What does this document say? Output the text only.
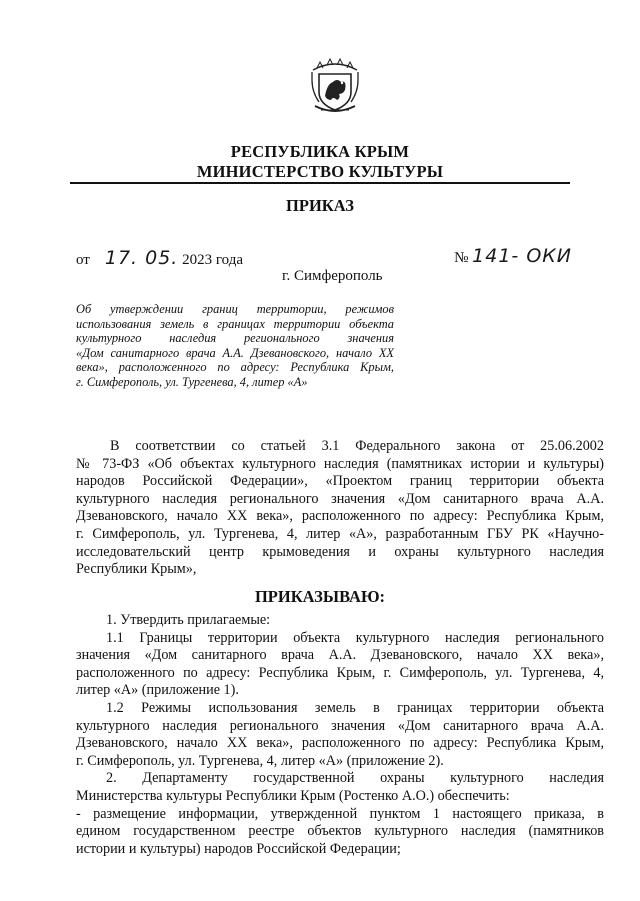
РЕСПУБЛИКА КРЫМ
МИНИСТЕРСТВО КУЛЬТУРЫ
ПРИКАЗ
от 17. 05. 2023 года	№ 141- ОКИ
г. Симферополь
Об утверждении границ территории, режимов
использования земель в границах территории объекта
культурного наследия регионального значения
«Дом санитарного врача А.А. Дзевановского, начало XX
века», расположенного по адресу: Республика Крым,
г. Симферополь, ул. Тургенева, 4, литер «А»
В соответствии со статьей 3.1 Федерального закона от 25.06.2002
№ 73-ФЗ «Об объектах культурного наследия (памятниках истории и культуры)
народов Российской Федерации», «Проектом границ территории объекта
культурного наследия регионального значения «Дом санитарного врача А.А.
Дзевановского, начало XX века», расположенного по адресу: Республика Крым,
г. Симферополь, ул. Тургенева, 4, литер «А», разработанным ГБУ РК «Научно-
исследовательский центр крымоведения и охраны культурного наследия
Республики Крым»,
ПРИКАЗЫВАЮ:
1. Утвердить прилагаемые:
1.1 Границы территории объекта культурного наследия регионального
значения «Дом санитарного врача А.А. Дзевановского, начало XX века»,
расположенного по адресу: Республика Крым, г. Симферополь, ул. Тургенева, 4,
литер «А» (приложение 1).
1.2 Режимы использования земель в границах территории объекта
культурного наследия регионального значения «Дом санитарного врача А.А.
Дзевановского, начало XX века», расположенного по адресу: Республика Крым,
г. Симферополь, ул. Тургенева, 4, литер «А» (приложение 2).
2. Департаменту государственной охраны культурного наследия
Министерства культуры Республики Крым (Ростенко А.О.) обеспечить:
- размещение информации, утвержденной пунктом 1 настоящего приказа, в
едином государственном реестре объектов культурного наследия (памятников
истории и культуры) народов Российской Федерации;
